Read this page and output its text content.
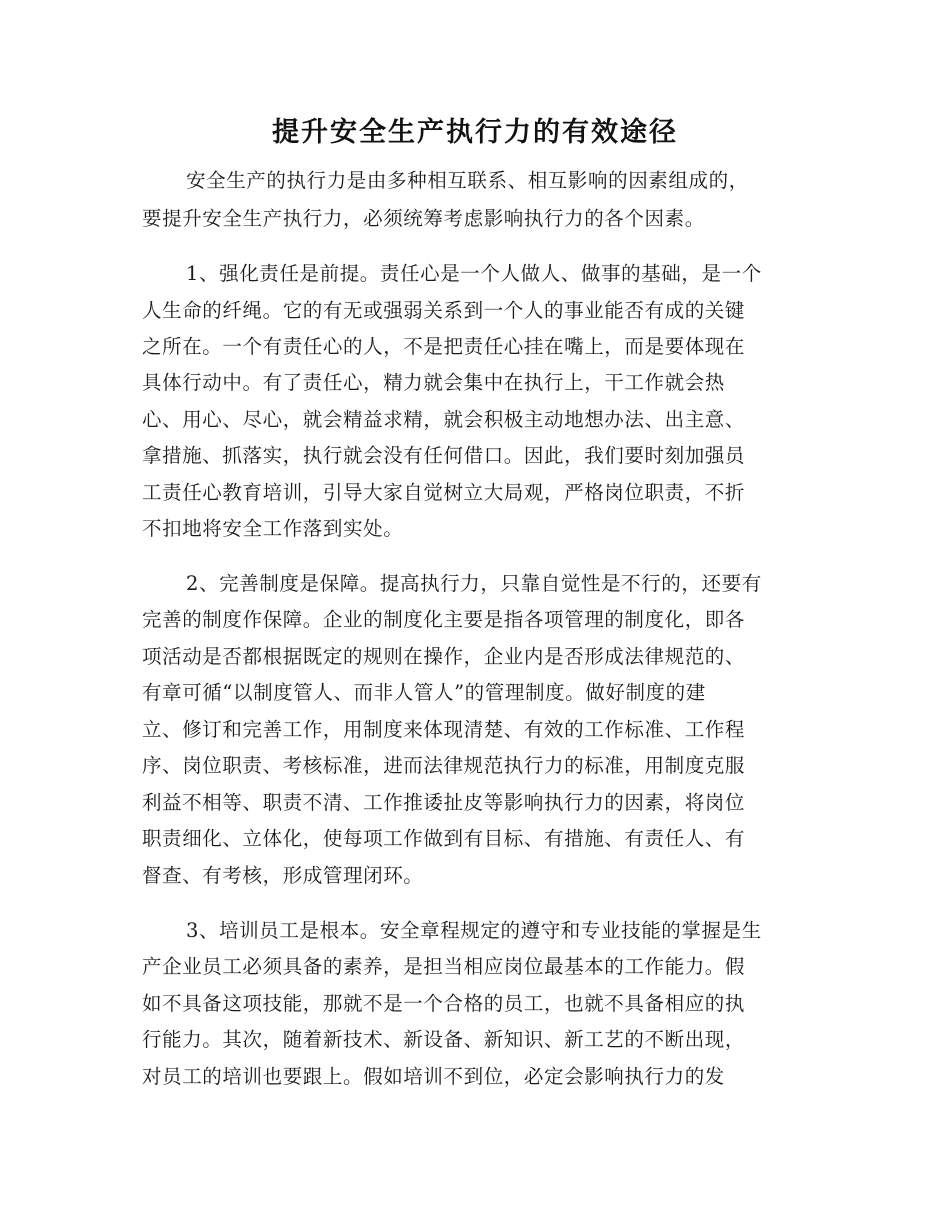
提升安全生产执行力的有效途径
安全生产的执行力是由多种相互联系、相互影响的因素组成的，
要提升安全生产执行力，必须统筹考虑影响执行力的各个因素。
1、强化责任是前提。责任心是一个人做人、做事的基础，是一个
人生命的纤绳。它的有无或强弱关系到一个人的事业能否有成的关键
之所在。一个有责任心的人，不是把责任心挂在嘴上，而是要体现在
具体行动中。有了责任心，精力就会集中在执行上，干工作就会热
心、用心、尽心，就会精益求精，就会积极主动地想办法、出主意、
拿措施、抓落实，执行就会没有任何借口。因此，我们要时刻加强员
工责任心教育培训，引导大家自觉树立大局观，严格岗位职责，不折
不扣地将安全工作落到实处。
2、完善制度是保障。提高执行力，只靠自觉性是不行的，还要有
完善的制度作保障。企业的制度化主要是指各项管理的制度化，即各
项活动是否都根据既定的规则在操作，企业内是否形成法律规范的、
有章可循“以制度管人、而非人管人”的管理制度。做好制度的建
立、修订和完善工作，用制度来体现清楚、有效的工作标准、工作程
序、岗位职责、考核标准，进而法律规范执行力的标准，用制度克服
利益不相等、职责不清、工作推诿扯皮等影响执行力的因素，将岗位
职责细化、立体化，使每项工作做到有目标、有措施、有责任人、有
督查、有考核，形成管理闭环。
3、培训员工是根本。安全章程规定的遵守和专业技能的掌握是生
产企业员工必须具备的素养，是担当相应岗位最基本的工作能力。假
如不具备这项技能，那就不是一个合格的员工，也就不具备相应的执
行能力。其次，随着新技术、新设备、新知识、新工艺的不断出现，
对员工的培训也要跟上。假如培训不到位，必定会影响执行力的发
